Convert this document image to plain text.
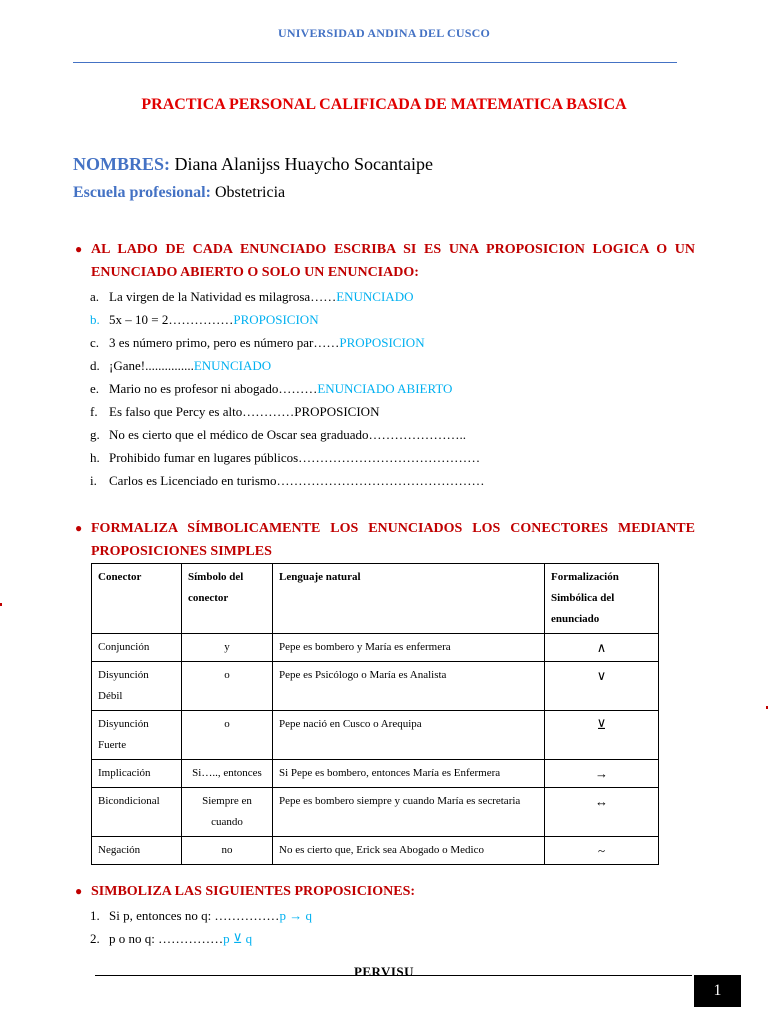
UNIVERSIDAD ANDINA DEL CUSCO
PRACTICA PERSONAL CALIFICADA DE MATEMATICA BASICA
NOMBRES: Diana Alanijss Huaycho Socantaipe
Escuela profesional: Obstetricia
● AL LADO DE CADA ENUNCIADO ESCRIBA SI ES UNA PROPOSICION LOGICA O UN ENUNCIADO ABIERTO O SOLO UN ENUNCIADO:
a. La virgen de la Natividad es milagrosa……ENUNCIADO
b. 5x – 10 = 2……………PROPOSICION
c. 3 es número primo, pero es número par……PROPOSICION
d. ¡Gane!...............ENUNCIADO
e. Mario no es profesor ni abogado………ENUNCIADO ABIERTO
f. Es falso que Percy es alto…………PROPOSICION
g. No es cierto que el médico de Oscar sea graduado…………………..
h. Prohibido fumar en lugares públicos……………………………………
i. Carlos es Licenciado en turismo…………………………………………
● FORMALIZA SÍMBOLICAMENTE LOS ENUNCIADOS LOS CONECTORES MEDIANTE PROPOSICIONES SIMPLES
Conector	Símbolo del conector	Lenguaje natural	Formalización Simbólica del enunciado
Conjunción	y	Pepe es bombero y María es enfermera	∧
Disyunción Débil	o	Pepe es Psicólogo o María es Analista	∨
Disyunción Fuerte	o	Pepe nació en Cusco o Arequipa	⊻
Implicación	Si….., entonces	Si Pepe es bombero, entonces María es Enfermera	→
Bicondicional	Siempre en cuando	Pepe es bombero siempre y cuando María es secretaria	↔
Negación	no	No es cierto que, Erick sea Abogado o Medico	~
● SIMBOLIZA LAS SIGUIENTES PROPOSICIONES:
1. Si p, entonces no q: ……………p → q
2. p o no q: ……………p ⊻ q
PERVISU
1
